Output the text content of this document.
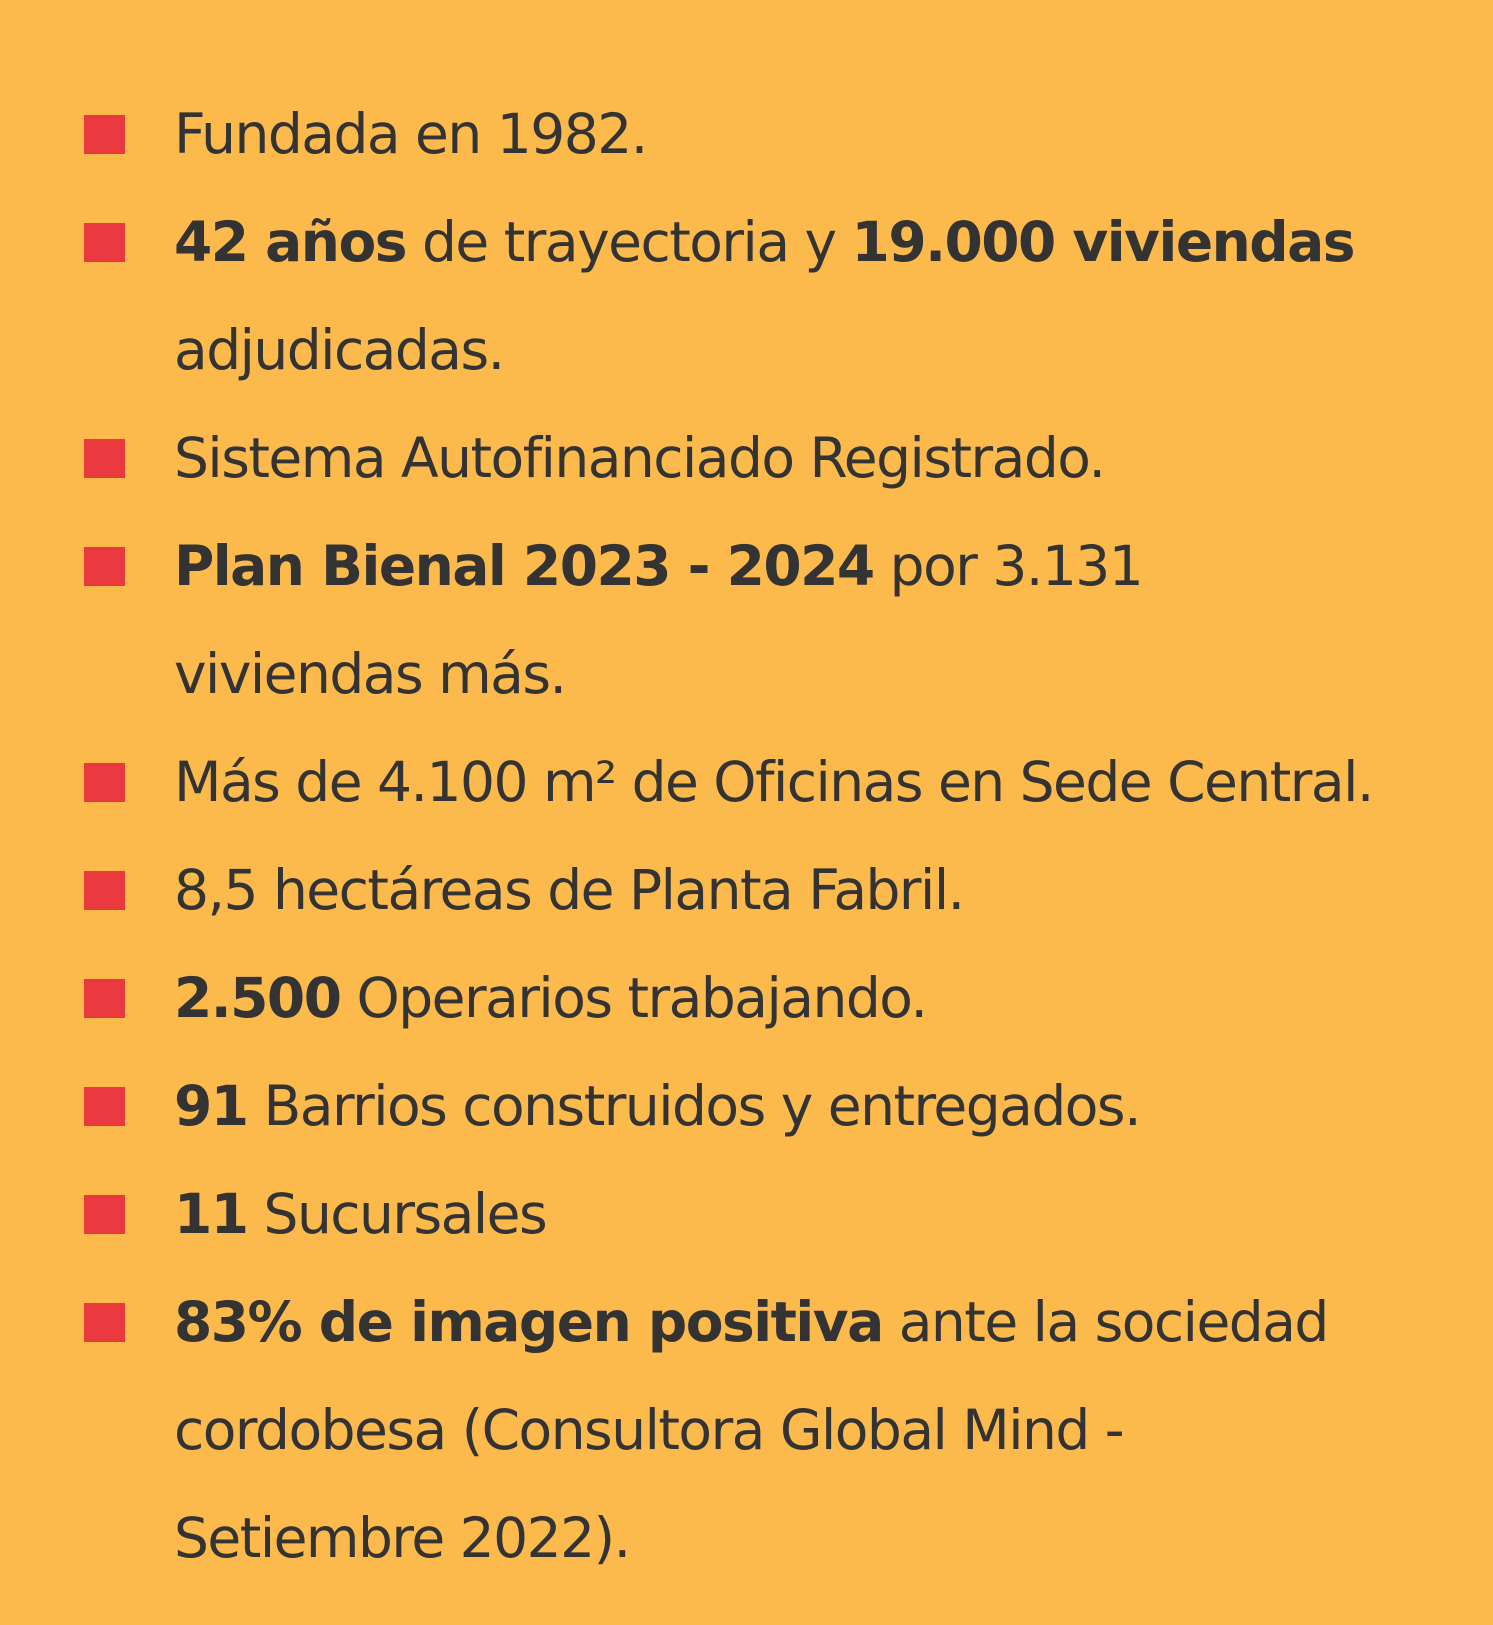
Fundada en 1982.
42 años de trayectoria y 19.000 viviendas
adjudicadas.
Sistema Autofinanciado Registrado.
Plan Bienal 2023 - 2024 por 3.131
viviendas más.
Más de 4.100 m² de Oficinas en Sede Central.
8,5 hectáreas de Planta Fabril.
2.500 Operarios trabajando.
91 Barrios construidos y entregados.
11 Sucursales
83% de imagen positiva ante la sociedad
cordobesa (Consultora Global Mind -
Setiembre 2022).
